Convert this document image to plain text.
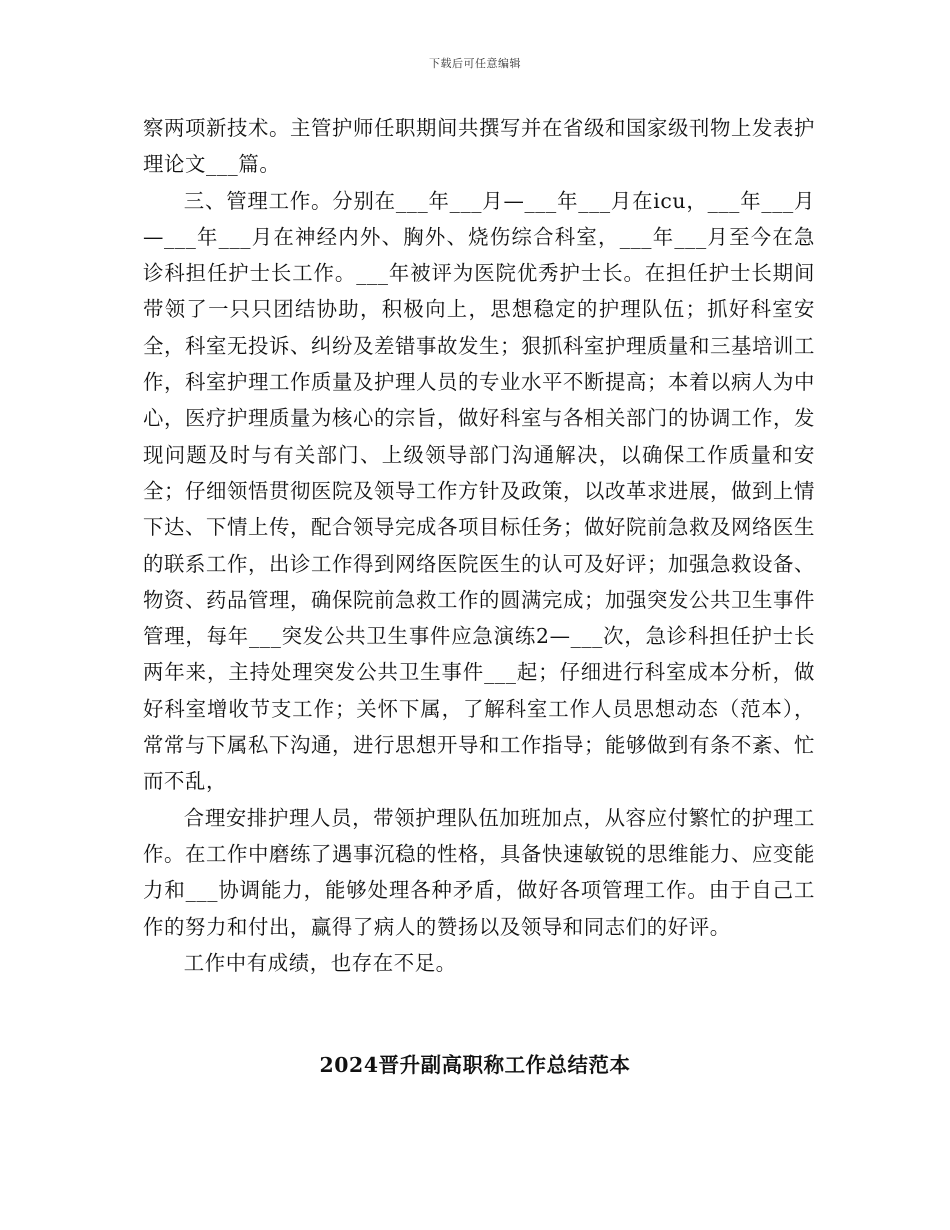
下载后可任意编辑

察两项新技术。主管护师任职期间共撰写并在省级和国家级刊物上发表护理论文___篇。

三、管理工作。分别在___年___月—___年___月在icu，___年___月—___年___月在神经内外、胸外、烧伤综合科室，___年___月至今在急诊科担任护士长工作。___年被评为医院优秀护士长。在担任护士长期间带领了一只只团结协助，积极向上，思想稳定的护理队伍；抓好科室安全，科室无投诉、纠纷及差错事故发生；狠抓科室护理质量和三基培训工作，科室护理工作质量及护理人员的专业水平不断提高；本着以病人为中心，医疗护理质量为核心的宗旨，做好科室与各相关部门的协调工作，发现问题及时与有关部门、上级领导部门沟通解决，以确保工作质量和安全；仔细领悟贯彻医院及领导工作方针及政策，以改革求进展，做到上情下达、下情上传，配合领导完成各项目标任务；做好院前急救及网络医生的联系工作，出诊工作得到网络医院医生的认可及好评；加强急救设备、物资、药品管理，确保院前急救工作的圆满完成；加强突发公共卫生事件管理，每年___突发公共卫生事件应急演练2—___次，急诊科担任护士长两年来，主持处理突发公共卫生事件___起；仔细进行科室成本分析，做好科室增收节支工作；关怀下属，了解科室工作人员思想动态（范本），常常与下属私下沟通，进行思想开导和工作指导；能够做到有条不紊、忙而不乱，

合理安排护理人员，带领护理队伍加班加点，从容应付繁忙的护理工作。在工作中磨练了遇事沉稳的性格，具备快速敏锐的思维能力、应变能力和___协调能力，能够处理各种矛盾，做好各项管理工作。由于自己工作的努力和付出，赢得了病人的赞扬以及领导和同志们的好评。

工作中有成绩，也存在不足。

2024晋升副高职称工作总结范本
